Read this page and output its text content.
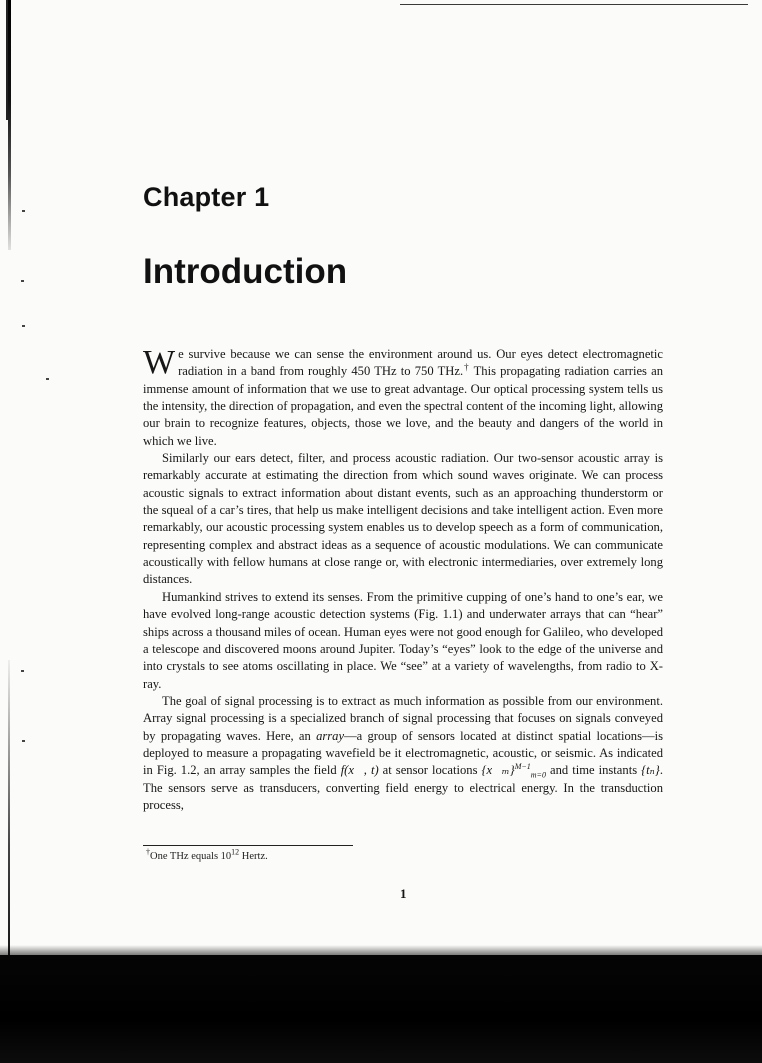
Chapter 1
Introduction

We survive because we can sense the environment around us. Our eyes detect electromagnetic radiation in a band from roughly 450 THz to 750 THz.† This propagating radiation carries an immense amount of information that we use to great advantage. Our optical processing system tells us the intensity, the direction of propagation, and even the spectral content of the incoming light, allowing our brain to recognize features, objects, those we love, and the beauty and dangers of the world in which we live.

Similarly our ears detect, filter, and process acoustic radiation. Our two-sensor acoustic array is remarkably accurate at estimating the direction from which sound waves originate. We can process acoustic signals to extract information about distant events, such as an approaching thunderstorm or the squeal of a car’s tires, that help us make intelligent decisions and take intelligent action. Even more remarkably, our acoustic processing system enables us to develop speech as a form of communication, representing complex and abstract ideas as a sequence of acoustic modulations. We can communicate acoustically with fellow humans at close range or, with electronic intermediaries, over extremely long distances.

Humankind strives to extend its senses. From the primitive cupping of one’s hand to one’s ear, we have evolved long-range acoustic detection systems (Fig. 1.1) and underwater arrays that can “hear” ships across a thousand miles of ocean. Human eyes were not good enough for Galileo, who developed a telescope and discovered moons around Jupiter. Today’s “eyes” look to the edge of the universe and into crystals to see atoms oscillating in place. We “see” at a variety of wavelengths, from radio to X-ray.

The goal of signal processing is to extract as much information as possible from our environment. Array signal processing is a specialized branch of signal processing that focuses on signals conveyed by propagating waves. Here, an array—a group of sensors located at distinct spatial locations—is deployed to measure a propagating wavefield be it electromagnetic, acoustic, or seismic. As indicated in Fig. 1.2, an array samples the field f(x⃗, t) at sensor locations {x⃗ₘ}$^{M-1}_{m=0}$ and time instants {tₙ}. The sensors serve as transducers, converting field energy to electrical energy. In the transduction process,

†One THz equals $10^{12}$ Hertz.
1
